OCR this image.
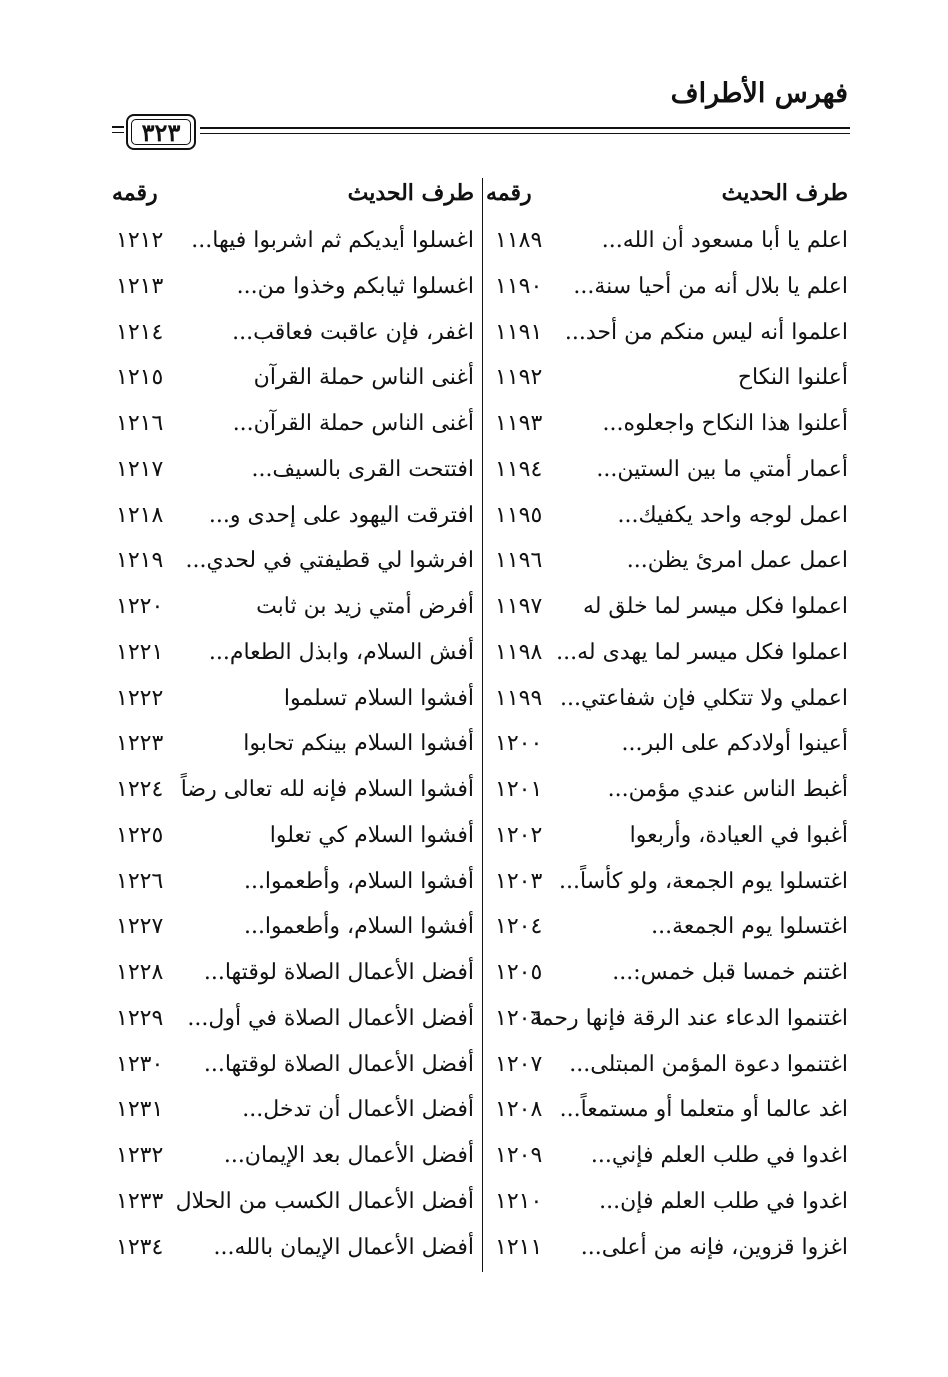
فهرس الأطراف
٣٢٣
طرف الحديث
رقمه
طرف الحديث
رقمه
اعلم يا أبا مسعود أن الله...
١١٨٩
اعلم يا بلال أنه من أحيا سنة...
١١٩٠
اعلموا أنه ليس منكم من أحد...
١١٩١
أعلنوا النكاح
١١٩٢
أعلنوا هذا النكاح واجعلوه...
١١٩٣
أعمار أمتي ما بين الستين...
١١٩٤
اعمل لوجه واحد يكفيك...
١١٩٥
اعمل عمل امرئ يظن...
١١٩٦
اعملوا فكل ميسر لما خلق له
١١٩٧
اعملوا فكل ميسر لما يهدى له...
١١٩٨
اعملي ولا تتكلي فإن شفاعتي...
١١٩٩
أعينوا أولادكم على البر...
١٢٠٠
أغبط الناس عندي مؤمن...
١٢٠١
أغبوا في العيادة، وأربعوا
١٢٠٢
اغتسلوا يوم الجمعة، ولو كأساً...
١٢٠٣
اغتسلوا يوم الجمعة...
١٢٠٤
اغتنم خمسا قبل خمس:...
١٢٠٥
اغتنموا الدعاء عند الرقة فإنها رحمة
١٢٠٦
اغتنموا دعوة المؤمن المبتلى...
١٢٠٧
اغد عالما أو متعلما أو مستمعاً...
١٢٠٨
اغدوا في طلب العلم فإني...
١٢٠٩
اغدوا في طلب العلم فإن...
١٢١٠
اغزوا قزوين، فإنه من أعلى...
١٢١١
اغسلوا أيديكم ثم اشربوا فيها...
١٢١٢
اغسلوا ثيابكم وخذوا من...
١٢١٣
اغفر، فإن عاقبت فعاقب...
١٢١٤
أغنى الناس حملة القرآن
١٢١٥
أغنى الناس حملة القرآن...
١٢١٦
افتتحت القرى بالسيف...
١٢١٧
افترقت اليهود على إحدى و...
١٢١٨
افرشوا لي قطيفتي في لحدي...
١٢١٩
أفرض أمتي زيد بن ثابت
١٢٢٠
أفش السلام، وابذل الطعام...
١٢٢١
أفشوا السلام تسلموا
١٢٢٢
أفشوا السلام بينكم تحابوا
١٢٢٣
أفشوا السلام فإنه لله تعالى رضاً
١٢٢٤
أفشوا السلام كي تعلوا
١٢٢٥
أفشوا السلام، وأطعموا...
١٢٢٦
أفشوا السلام، وأطعموا...
١٢٢٧
أفضل الأعمال الصلاة لوقتها...
١٢٢٨
أفضل الأعمال الصلاة في أول...
١٢٢٩
أفضل الأعمال الصلاة لوقتها...
١٢٣٠
أفضل الأعمال أن تدخل...
١٢٣١
أفضل الأعمال بعد الإيمان...
١٢٣٢
أفضل الأعمال الكسب من الحلال
١٢٣٣
أفضل الأعمال الإيمان بالله...
١٢٣٤
